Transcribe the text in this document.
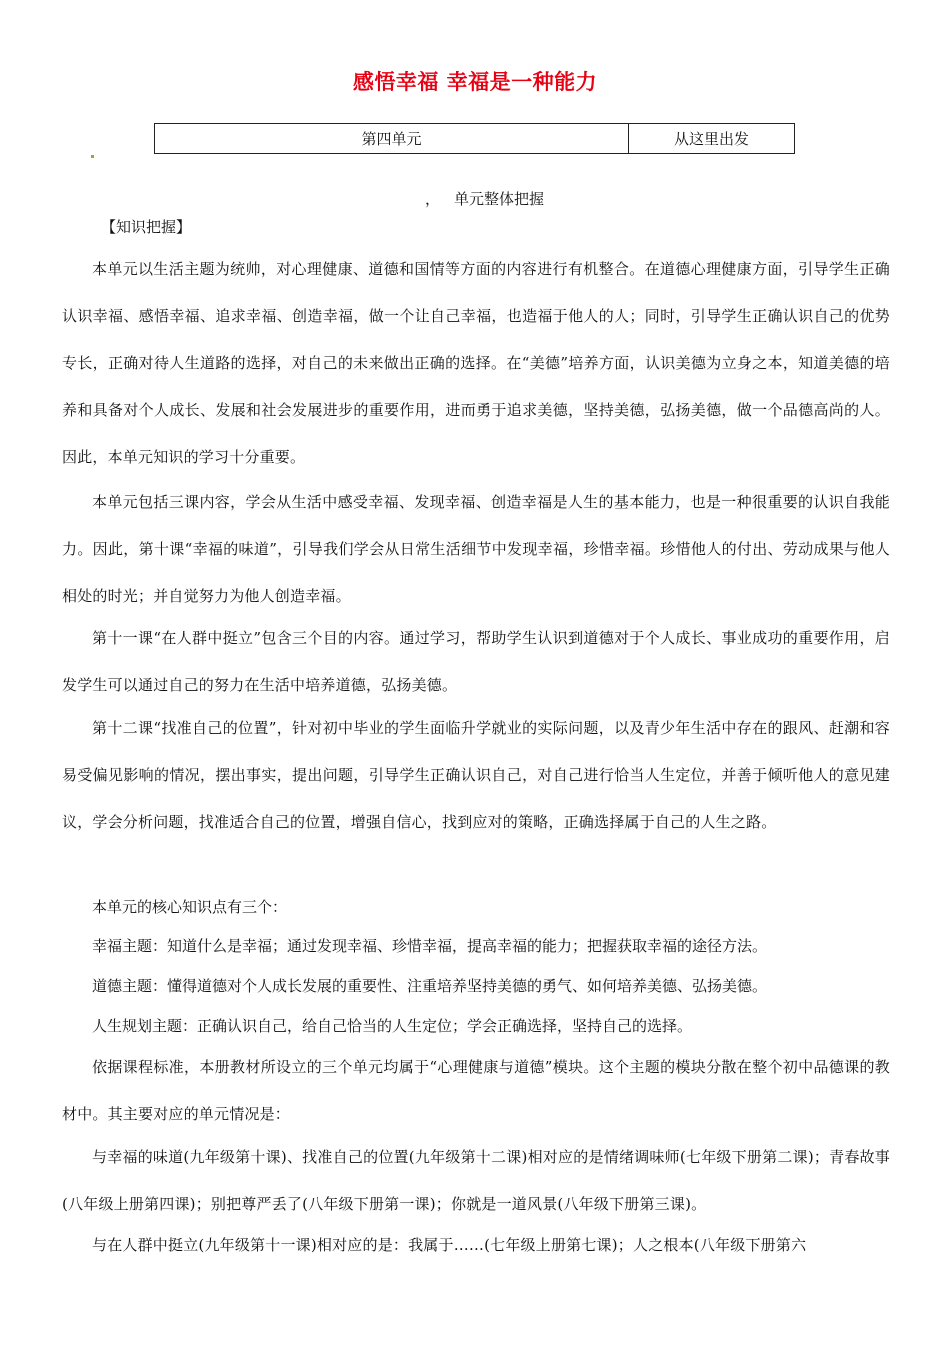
感悟幸福 幸福是一种能力
第四单元	从这里出发
， 单元整体把握
【知识把握】
本单元以生活主题为统帅，对心理健康、道德和国情等方面的内容进行有机整合。在道德心理健康方面，引导学生正确认识幸福、感悟幸福、追求幸福、创造幸福，做一个让自己幸福，也造福于他人的人；同时，引导学生正确认识自己的优势专长，正确对待人生道路的选择，对自己的未来做出正确的选择。在“美德”培养方面，认识美德为立身之本，知道美德的培养和具备对个人成长、发展和社会发展进步的重要作用，进而勇于追求美德，坚持美德，弘扬美德，做一个品德高尚的人。因此，本单元知识的学习十分重要。
本单元包括三课内容，学会从生活中感受幸福、发现幸福、创造幸福是人生的基本能力，也是一种很重要的认识自我能力。因此，第十课“幸福的味道”，引导我们学会从日常生活细节中发现幸福，珍惜幸福。珍惜他人的付出、劳动成果与他人相处的时光；并自觉努力为他人创造幸福。
第十一课“在人群中挺立”包含三个目的内容。通过学习，帮助学生认识到道德对于个人成长、事业成功的重要作用，启发学生可以通过自己的努力在生活中培养道德，弘扬美德。
第十二课“找准自己的位置”，针对初中毕业的学生面临升学就业的实际问题，以及青少年生活中存在的跟风、赶潮和容易受偏见影响的情况，摆出事实，提出问题，引导学生正确认识自己，对自己进行恰当人生定位，并善于倾听他人的意见建议，学会分析问题，找准适合自己的位置，增强自信心，找到应对的策略，正确选择属于自己的人生之路。
本单元的核心知识点有三个：
幸福主题：知道什么是幸福；通过发现幸福、珍惜幸福，提高幸福的能力；把握获取幸福的途径方法。
道德主题：懂得道德对个人成长发展的重要性、注重培养坚持美德的勇气、如何培养美德、弘扬美德。
人生规划主题：正确认识自己，给自己恰当的人生定位；学会正确选择，坚持自己的选择。
依据课程标准，本册教材所设立的三个单元均属于“心理健康与道德”模块。这个主题的模块分散在整个初中品德课的教材中。其主要对应的单元情况是：
与幸福的味道(九年级第十课)、找准自己的位置(九年级第十二课)相对应的是情绪调味师(七年级下册第二课)；青春故事(八年级上册第四课)；别把尊严丢了(八年级下册第一课)；你就是一道风景(八年级下册第三课)。
与在人群中挺立(九年级第十一课)相对应的是：我属于……(七年级上册第七课)；人之根本(八年级下册第六
